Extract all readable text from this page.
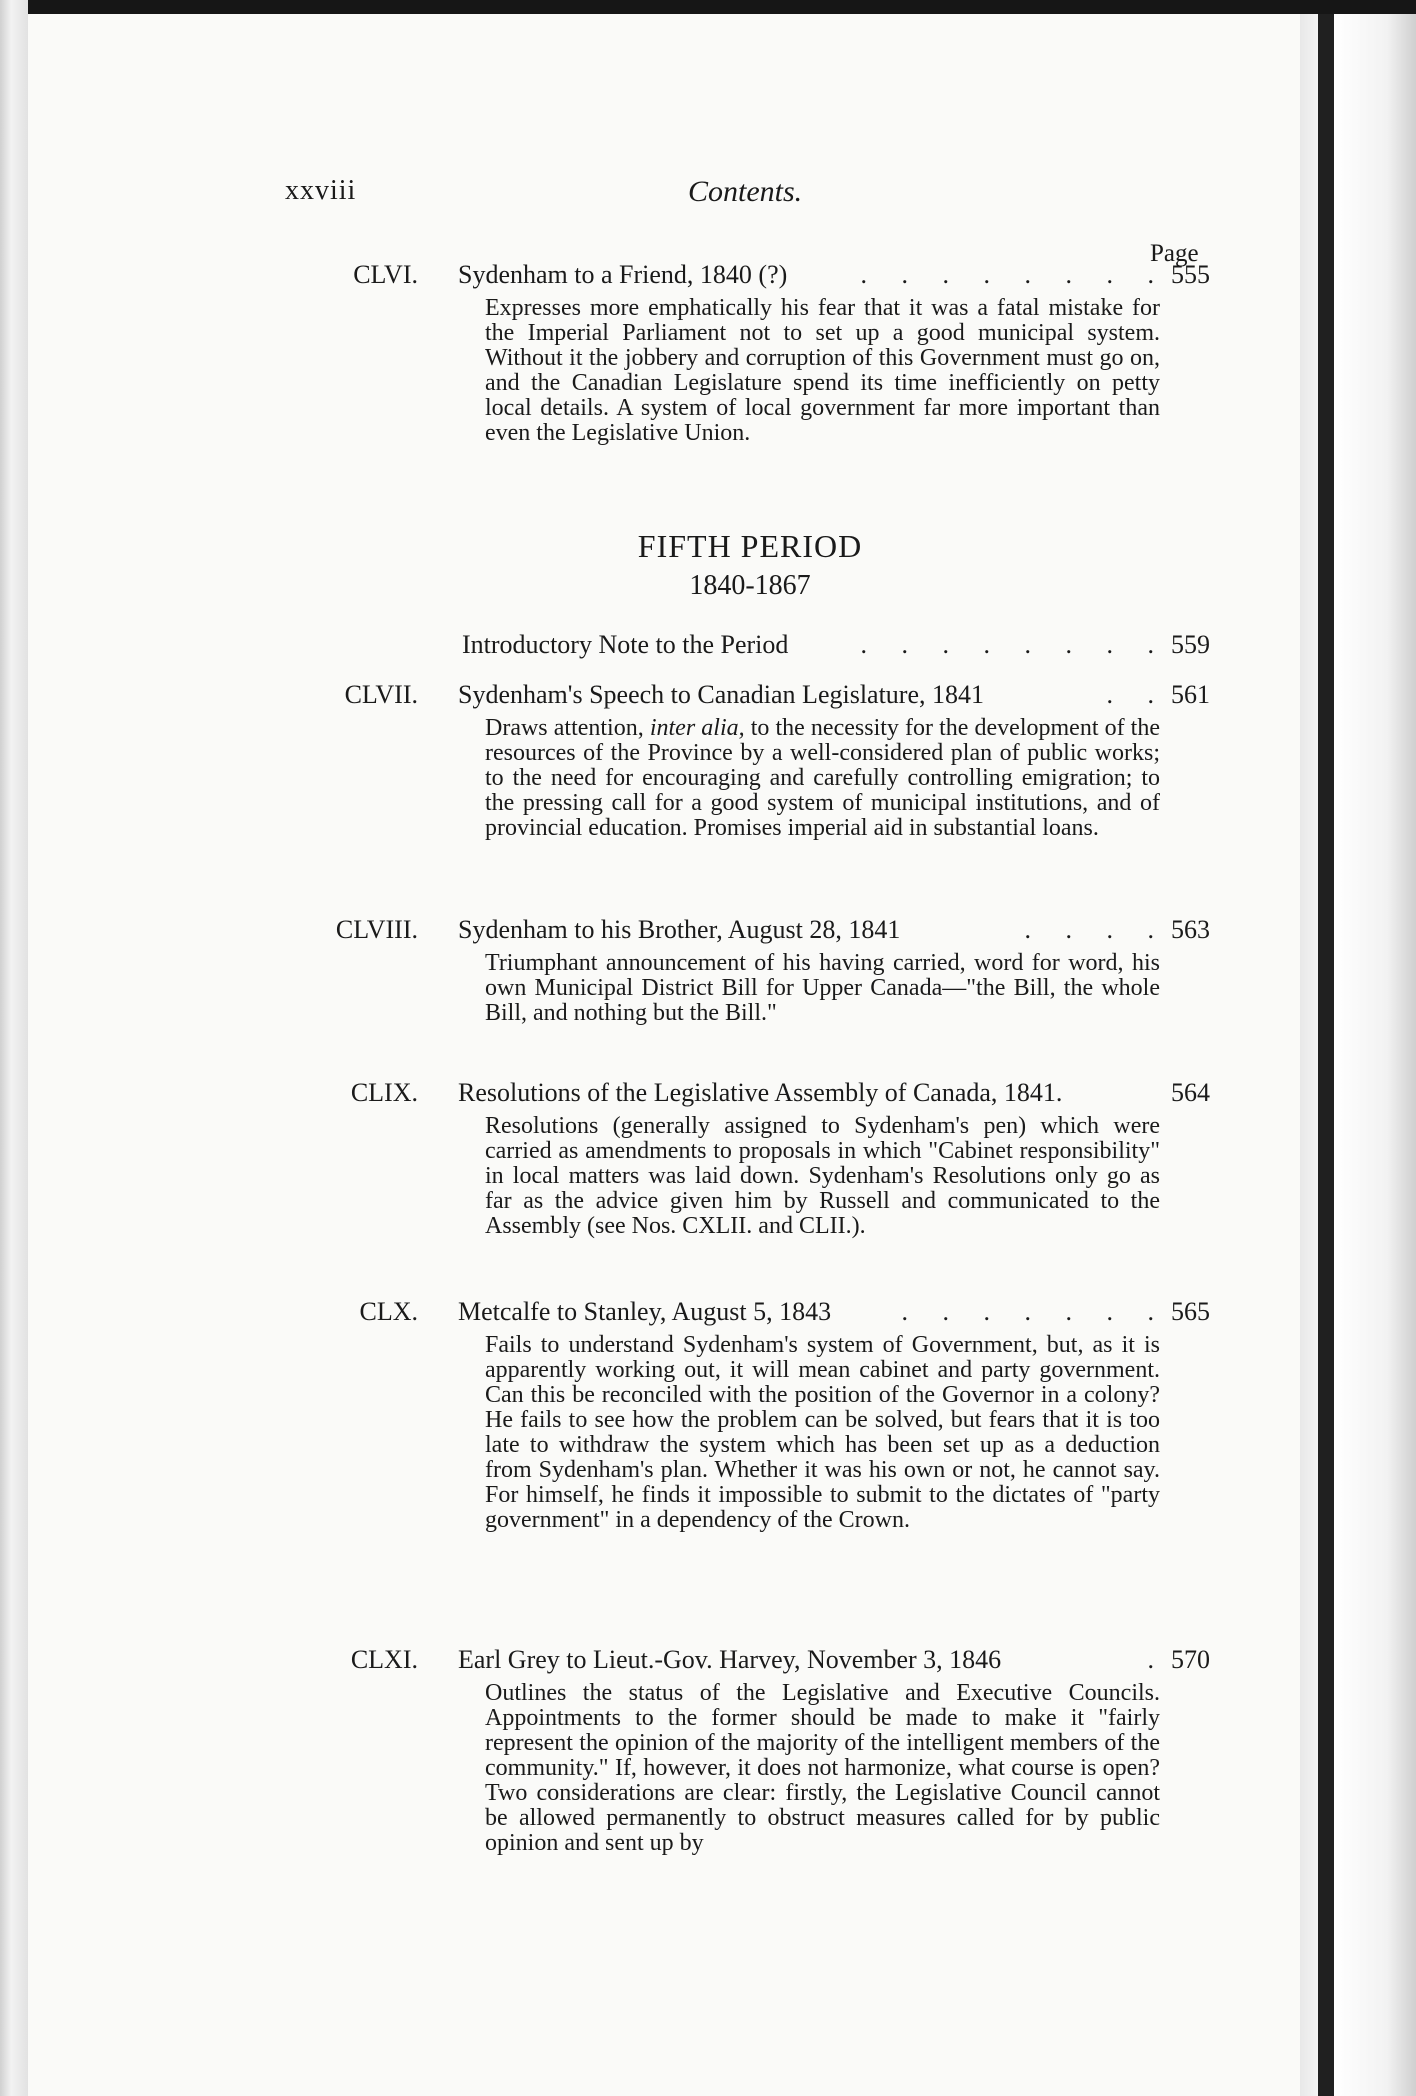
xxviii	Contents.
Page
CLVI. Sydenham to a Friend, 1840 (?)	. . . . . . . . 555
Expresses more emphatically his fear that it was a fatal mistake for the Imperial Parliament not to set up a good municipal system. Without it the jobbery and corruption of this Government must go on, and the Canadian Legislature spend its time inefficiently on petty local details. A system of local government far more important than even the Legislative Union.
FIFTH PERIOD
1840-1867
Introductory Note to the Period	. . . . . . . . 559
CLVII. Sydenham's Speech to Canadian Legislature, 1841	. . 561
Draws attention, inter alia, to the necessity for the development of the resources of the Province by a well-considered plan of public works; to the need for encouraging and carefully controlling emigration; to the pressing call for a good system of municipal institutions, and of provincial education. Promises imperial aid in substantial loans.
CLVIII. Sydenham to his Brother, August 28, 1841	. . . . 563
Triumphant announcement of his having carried, word for word, his own Municipal District Bill for Upper Canada—"the Bill, the whole Bill, and nothing but the Bill."
CLIX. Resolutions of the Legislative Assembly of Canada, 1841.	564
Resolutions (generally assigned to Sydenham's pen) which were carried as amendments to proposals in which "Cabinet responsibility" in local matters was laid down. Sydenham's Resolutions only go as far as the advice given him by Russell and communicated to the Assembly (see Nos. CXLII. and CLII.).
CLX. Metcalfe to Stanley, August 5, 1843	. . . . . . . 565
Fails to understand Sydenham's system of Government, but, as it is apparently working out, it will mean cabinet and party government. Can this be reconciled with the position of the Governor in a colony? He fails to see how the problem can be solved, but fears that it is too late to withdraw the system which has been set up as a deduction from Sydenham's plan. Whether it was his own or not, he cannot say. For himself, he finds it impossible to submit to the dictates of "party government" in a dependency of the Crown.
CLXI. Earl Grey to Lieut.-Gov. Harvey, November 3, 1846	. 570
Outlines the status of the Legislative and Executive Councils. Appointments to the former should be made to make it "fairly represent the opinion of the majority of the intelligent members of the community." If, however, it does not harmonize, what course is open? Two considerations are clear: firstly, the Legislative Council cannot be allowed permanently to obstruct measures called for by public opinion and sent up by
